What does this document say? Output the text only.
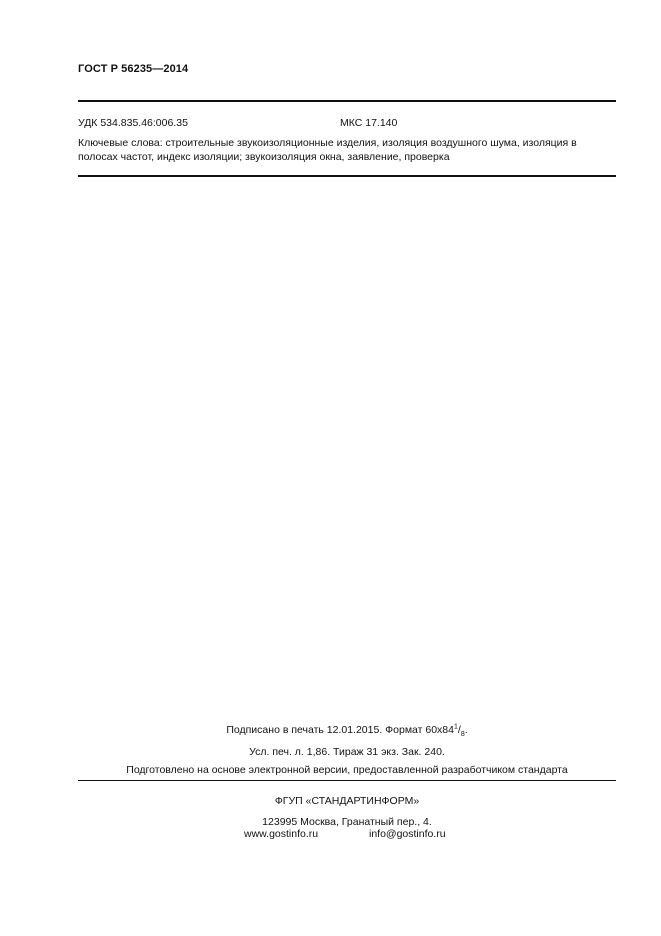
ГОСТ Р 56235—2014
УДК 534.835.46:006.35	МКС 17.140
Ключевые слова: строительные звукоизоляционные изделия, изоляция воздушного шума, изоляция в полосах частот, индекс изоляции; звукоизоляция окна, заявление, проверка
Подписано в печать 12.01.2015. Формат $60х84^1/_8$.
Усл. печ. л. 1,86. Тираж 31 экз. Зак. 240.
Подготовлено на основе электронной версии, предоставленной разработчиком стандарта
ФГУП «СТАНДАРТИНФОРМ»
123995 Москва, Гранатный пер., 4.
www.gostinfo.ru	info@gostinfo.ru
